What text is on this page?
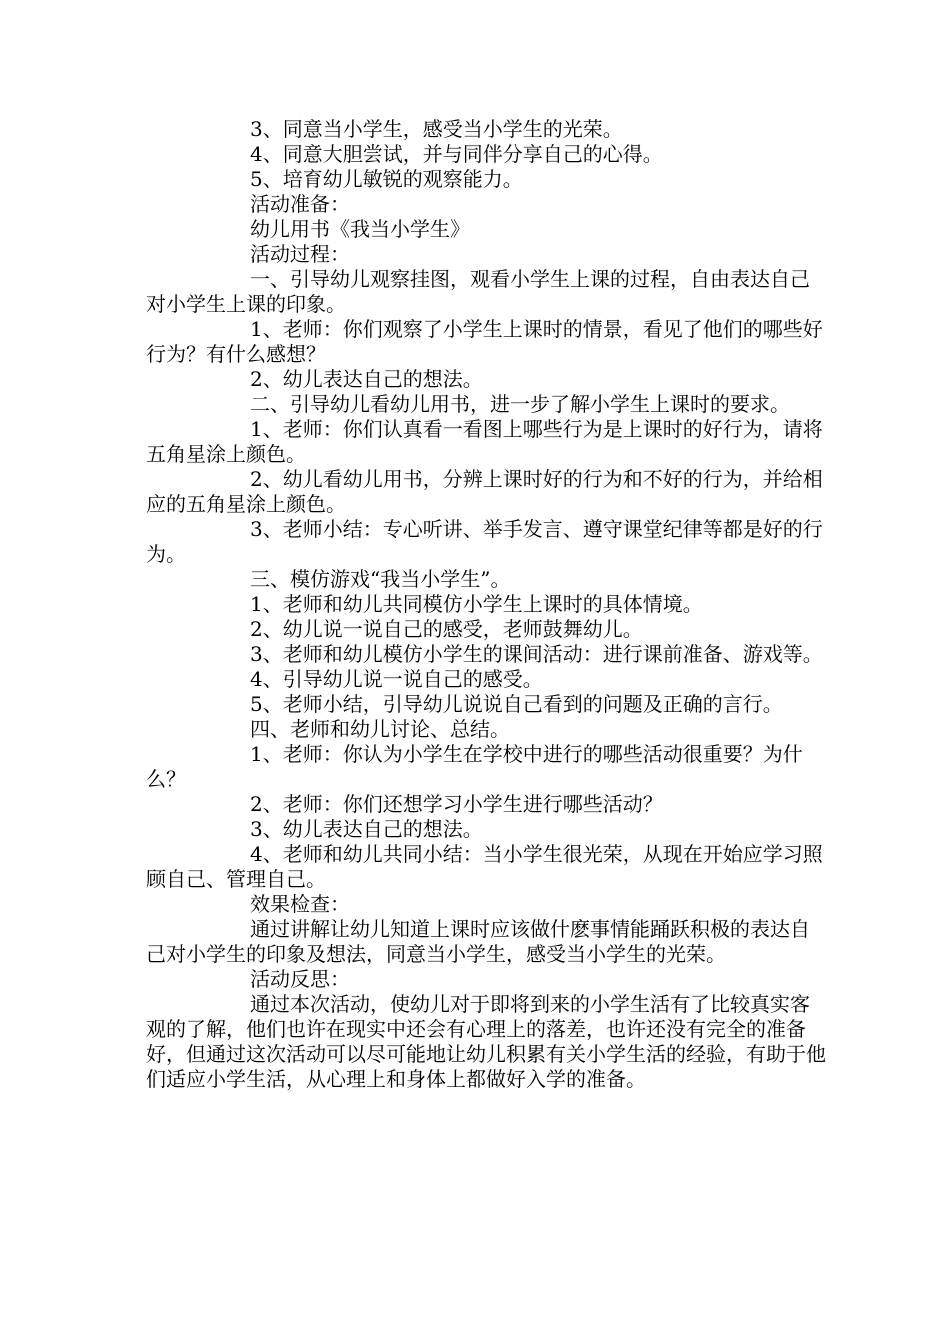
3、同意当小学生，感受当小学生的光荣。

4、同意大胆尝试，并与同伴分享自己的心得。

5、培育幼儿敏锐的观察能力。

活动准备：

幼儿用书《我当小学生》

活动过程：

一、引导幼儿观察挂图，观看小学生上课的过程，自由表达自己对小学生上课的印象。

1、老师：你们观察了小学生上课时的情景，看见了他们的哪些好行为？有什么感想？

2、幼儿表达自己的想法。

二、引导幼儿看幼儿用书，进一步了解小学生上课时的要求。

1、老师：你们认真看一看图上哪些行为是上课时的好行为，请将五角星涂上颜色。

2、幼儿看幼儿用书，分辨上课时好的行为和不好的行为，并给相应的五角星涂上颜色。

3、老师小结：专心听讲、举手发言、遵守课堂纪律等都是好的行为。

三、模仿游戏“我当小学生”。

1、老师和幼儿共同模仿小学生上课时的具体情境。

2、幼儿说一说自己的感受，老师鼓舞幼儿。

3、老师和幼儿模仿小学生的课间活动：进行课前准备、游戏等。

4、引导幼儿说一说自己的感受。

5、老师小结，引导幼儿说说自己看到的问题及正确的言行。

四、老师和幼儿讨论、总结。

1、老师：你认为小学生在学校中进行的哪些活动很重要？为什么？

2、老师：你们还想学习小学生进行哪些活动？

3、幼儿表达自己的想法。

4、老师和幼儿共同小结：当小学生很光荣，从现在开始应学习照顾自己、管理自己。

效果检查：

通过讲解让幼儿知道上课时应该做什麽事情能踊跃积极的表达自己对小学生的印象及想法，同意当小学生，感受当小学生的光荣。

活动反思：

通过本次活动，使幼儿对于即将到来的小学生活有了比较真实客观的了解，他们也许在现实中还会有心理上的落差，也许还没有完全的准备好，但通过这次活动可以尽可能地让幼儿积累有关小学生活的经验，有助于他们适应小学生活，从心理上和身体上都做好入学的准备。
